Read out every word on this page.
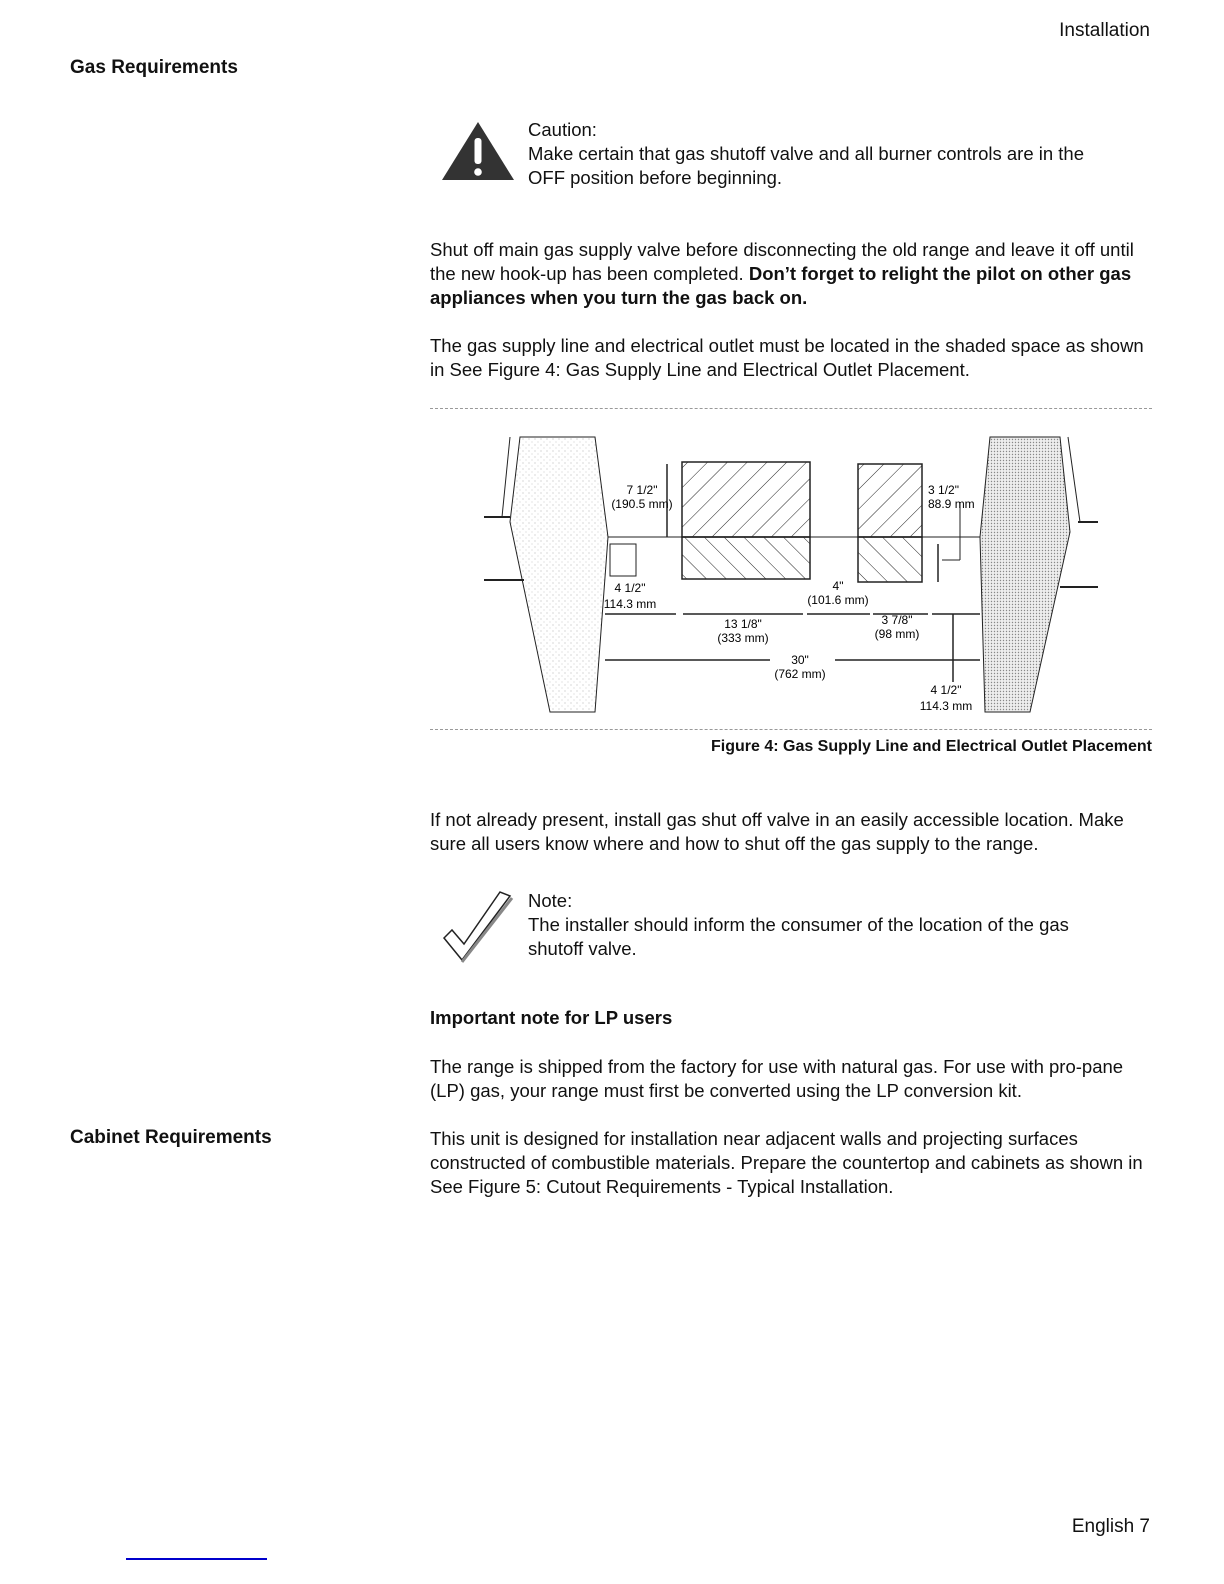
Installation
Gas Requirements
Caution:
Make certain that gas shutoff valve and all burner controls are in the
OFF position before beginning.
Shut off main gas supply valve before disconnecting the old range and leave it off until the new hook-up has been completed. Don’t forget to relight the pilot on other gas appliances when you turn the gas back on.
The gas supply line and electrical outlet must be located in the shaded space as shown in See Figure 4: Gas Supply Line and Electrical Outlet Placement.
7 1/2"
(190.5 mm)
4 1/2"
114.3 mm
13 1/8"
(333 mm)
4"
(101.6 mm)
3 7/8"
(98 mm)
30"
(762 mm)
3 1/2"
88.9 mm
4 1/2"
114.3 mm
Figure 4: Gas Supply Line and Electrical Outlet Placement
If not already present, install gas shut off valve in an easily accessible location. Make sure all users know where and how to shut off the gas supply to the range.
Note:
The installer should inform the consumer of the location of the gas
shutoff valve.
Important note for LP users
The range is shipped from the factory for use with natural gas. For use with pro-pane (LP) gas, your range must first be converted using the LP conversion kit.
Cabinet Requirements	This unit is designed for installation near adjacent walls and projecting surfaces constructed of combustible materials. Prepare the countertop and cabinets as shown in See Figure 5: Cutout Requirements - Typical Installation.
English 7
